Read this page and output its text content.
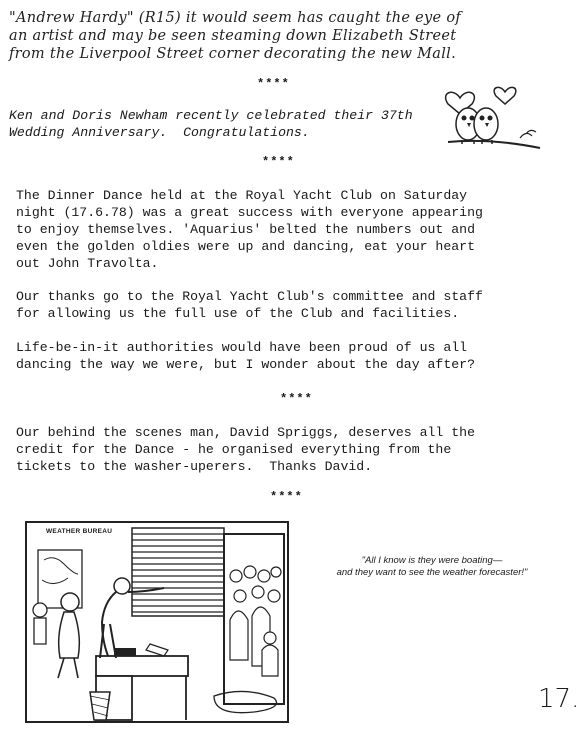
"Andrew Hardy" (R15) it would seem has caught the eye of

an artist and may be seen steaming down Elizabeth Street

from the Liverpool Street corner decorating the new Mall.

****

Ken and Doris Newham recently celebrated their 37th

Wedding Anniversary.  Congratulations.

****

The Dinner Dance held at the Royal Yacht Club on Saturday

night (17.6.78) was a great success with everyone appearing

to enjoy themselves. 'Aquarius' belted the numbers out and

even the golden oldies were up and dancing, eat your heart

out John Travolta.

Our thanks go to the Royal Yacht Club's committee and staff

for allowing us the full use of the Club and facilities.

Life-be-in-it authorities would have been proud of us all

dancing the way we were, but I wonder about the day after?

****

Our behind the scenes man, David Spriggs, deserves all the

credit for the Dance - he organised everything from the

tickets to the washer-uperers.  Thanks David.

****
WEATHER BUREAU
"All I know is they were boating—
and they want to see the weather forecaster!"
17.
